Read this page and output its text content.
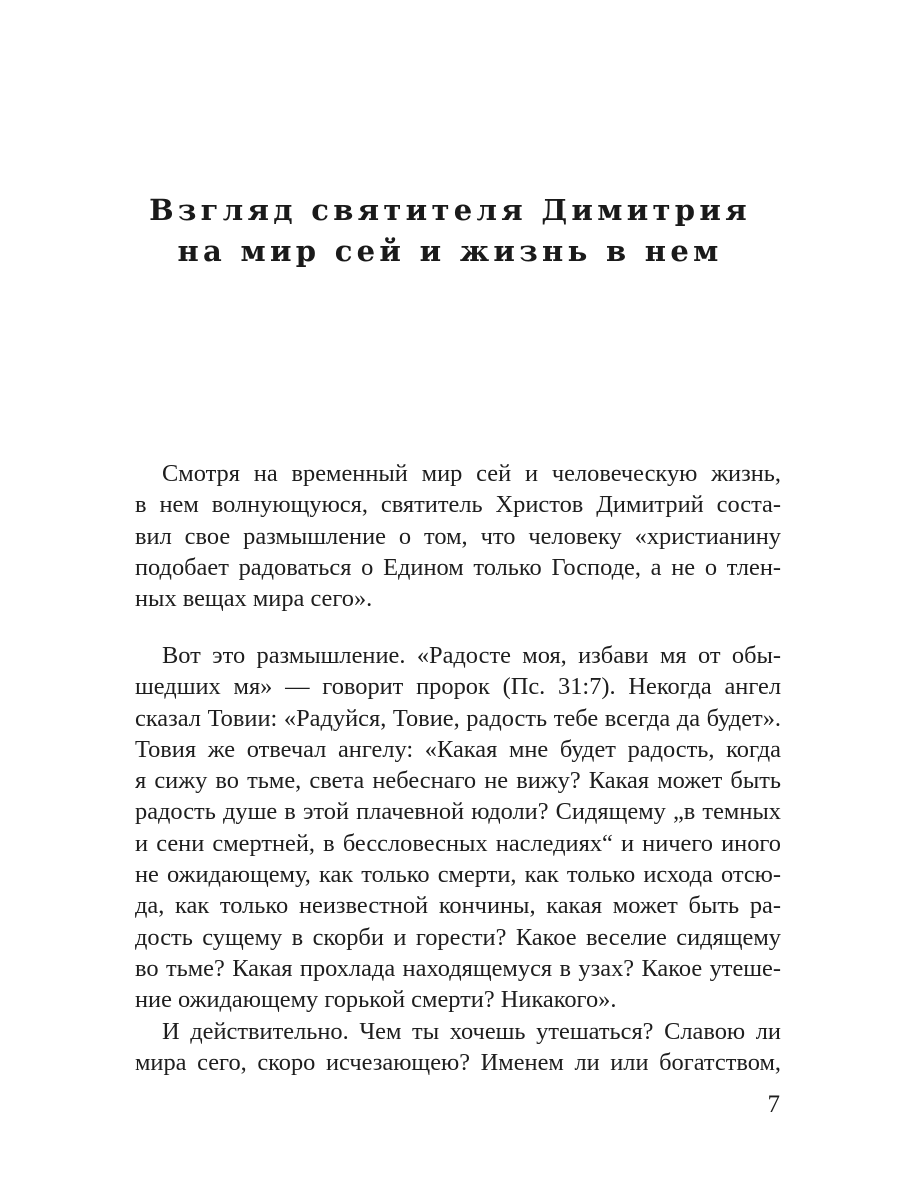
Взгляд святителя Димитрия
на мир сей и жизнь в нем
Смотря на временный мир сей и человеческую жизнь,
в нем волнующуюся, святитель Христов Димитрий соста-
вил свое размышление о том, что человеку «христианину
подобает радоваться о Едином только Господе, а не о тлен-
ных вещах мира сего».
Вот это размышление. «Радосте моя, избави мя от обы-
шедших мя» — говорит пророк (Пс. 31:7). Некогда ангел
сказал Товии: «Радуйся, Товие, радость тебе всегда да будет».
Товия же отвечал ангелу: «Какая мне будет радость, когда
я сижу во тьме, света небеснаго не вижу? Какая может быть
радость душе в этой плачевной юдоли? Сидящему „в темных
и сени смертней, в бессловесных наследиях“ и ничего иного
не ожидающему, как только смерти, как только исхода отсю-
да, как только неизвестной кончины, какая может быть ра-
дость сущему в скорби и горести? Какое веселие сидящему
во тьме? Какая прохлада находящемуся в узах? Какое утеше-
ние ожидающему горькой смерти? Никакого».
И действительно. Чем ты хочешь утешаться? Славою ли
мира сего, скоро исчезающею? Именем ли или богатством,
7
